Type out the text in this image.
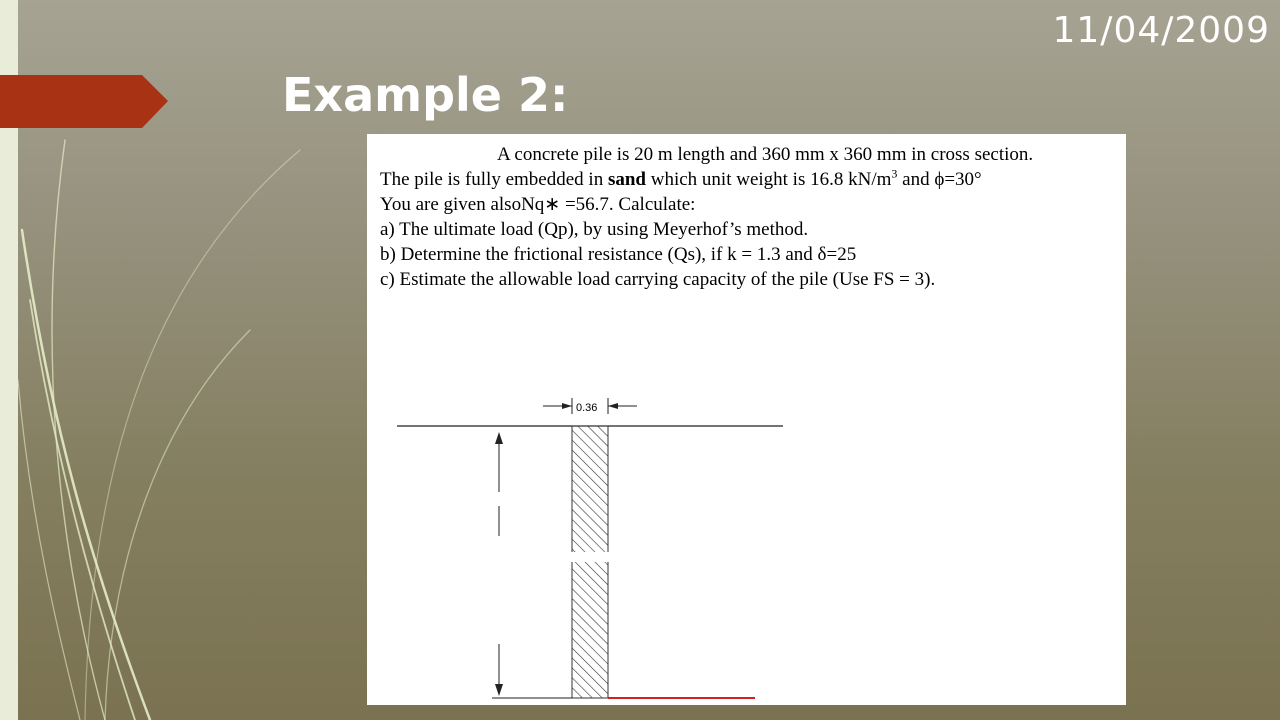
11/04/2009
Example 2:
A concrete pile is 20 m length and 360 mm x 360 mm in cross section.
The pile is fully embedded in sand which unit weight is 16.8 $kN/m^3$ and ϕ=30°
You are given alsoNq∗ =56.7. Calculate:
a) The ultimate load (Qp), by using Meyerhof’s method.
b) Determine the frictional resistance (Qs), if k = 1.3 and δ=25
c) Estimate the allowable load carrying capacity of the pile (Use FS = 3).
0.36
